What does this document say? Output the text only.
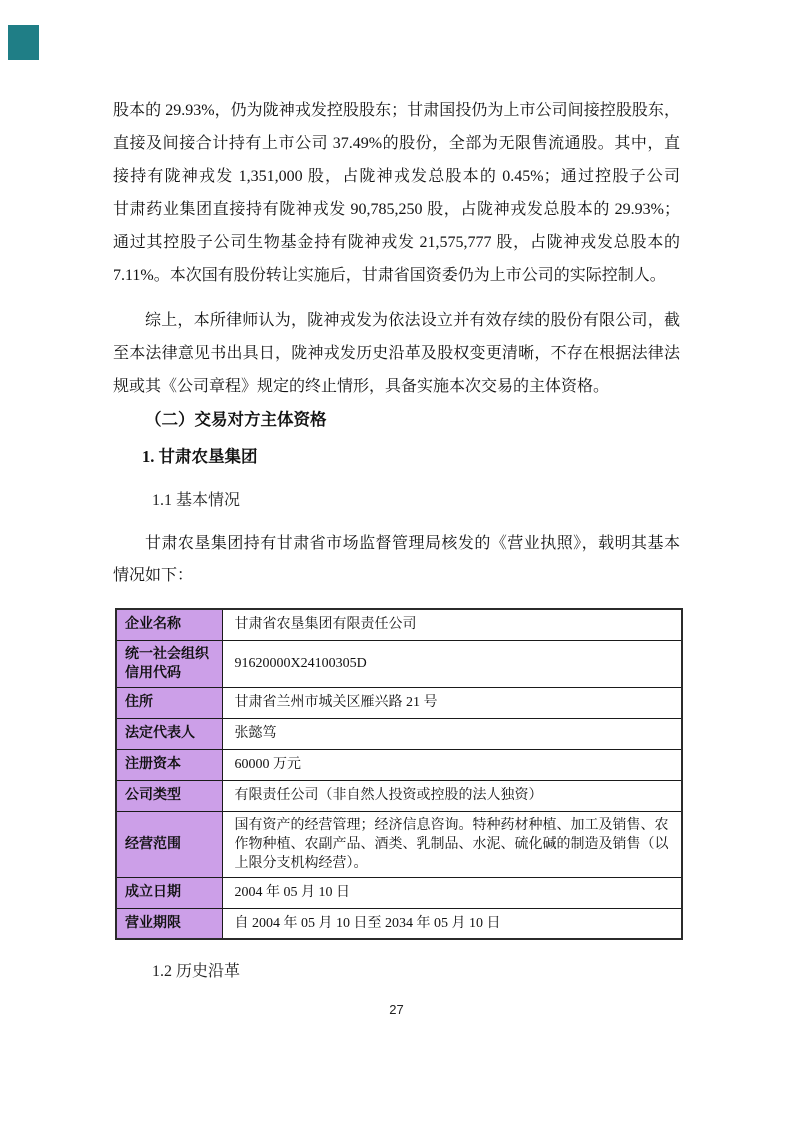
股本的 29.93%，仍为陇神戎发控股股东；甘肃国投仍为上市公司间接控股股东，
直接及间接合计持有上市公司 37.49%的股份，全部为无限售流通股。其中，直
接持有陇神戎发 1,351,000 股，占陇神戎发总股本的 0.45%；通过控股子公司
甘肃药业集团直接持有陇神戎发 90,785,250 股，占陇神戎发总股本的 29.93%；
通过其控股子公司生物基金持有陇神戎发 21,575,777 股，占陇神戎发总股本的
7.11%。本次国有股份转让实施后，甘肃省国资委仍为上市公司的实际控制人。
综上，本所律师认为，陇神戎发为依法设立并有效存续的股份有限公司，截
至本法律意见书出具日，陇神戎发历史沿革及股权变更清晰，不存在根据法律法
规或其《公司章程》规定的终止情形，具备实施本次交易的主体资格。
（二）交易对方主体资格
1. 甘肃农垦集团
1.1 基本情况
甘肃农垦集团持有甘肃省市场监督管理局核发的《营业执照》，载明其基本
情况如下：
企业名称	甘肃省农垦集团有限责任公司
统一社会组织信用代码	91620000X24100305D
住所	甘肃省兰州市城关区雁兴路 21 号
法定代表人	张懿笃
注册资本	60000 万元
公司类型	有限责任公司（非自然人投资或控股的法人独资）
经营范围	国有资产的经营管理；经济信息咨询。特种药材种植、加工及销售、农作物种植、农副产品、酒类、乳制品、水泥、硫化碱的制造及销售（以上限分支机构经营）。
成立日期	2004 年 05 月 10 日
营业期限	自 2004 年 05 月 10 日至 2034 年 05 月 10 日
1.2 历史沿革
27
